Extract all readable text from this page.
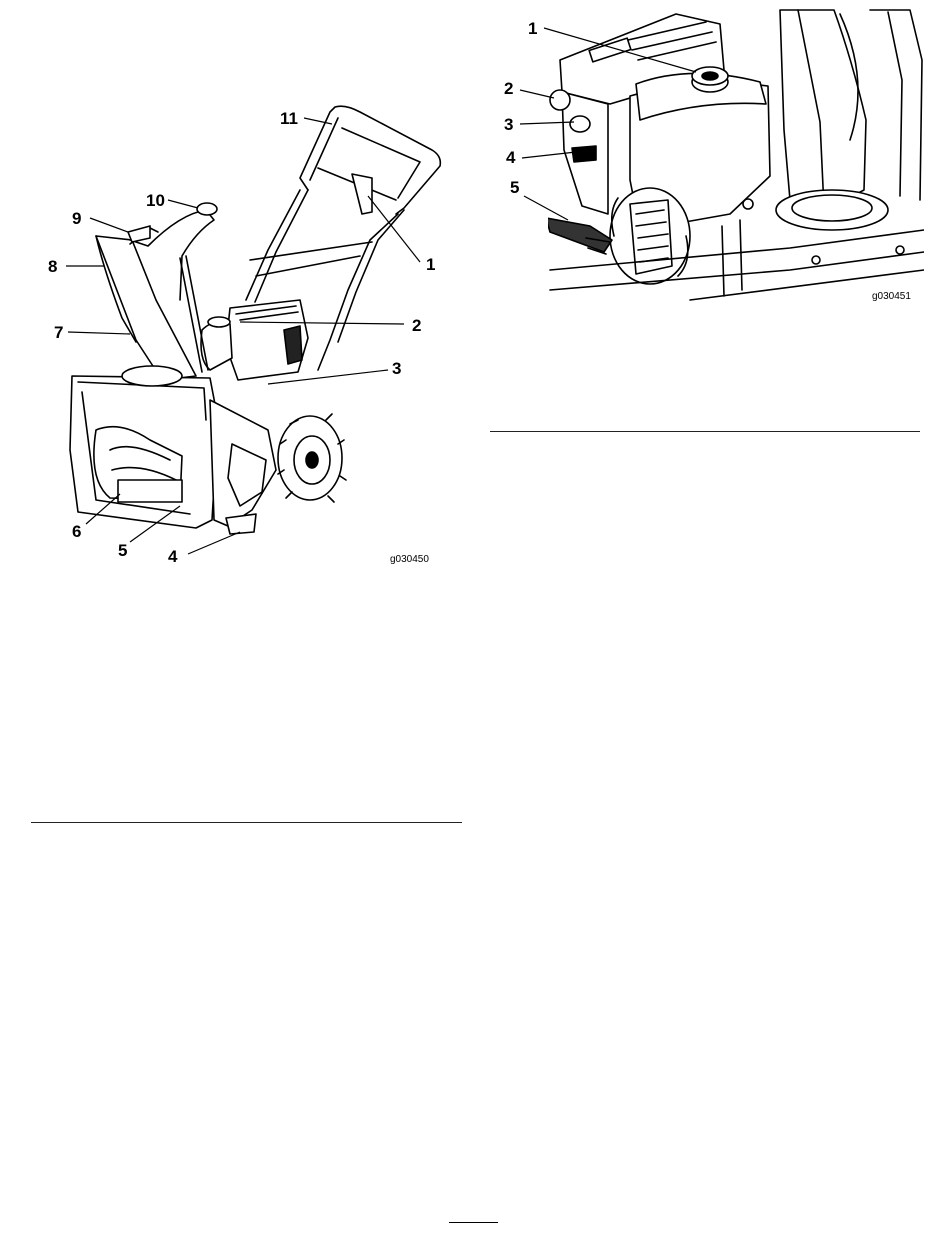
1
2
3
4
5
6
7
8
9
10
11
g030450
1
2
3
4
5
g030451
